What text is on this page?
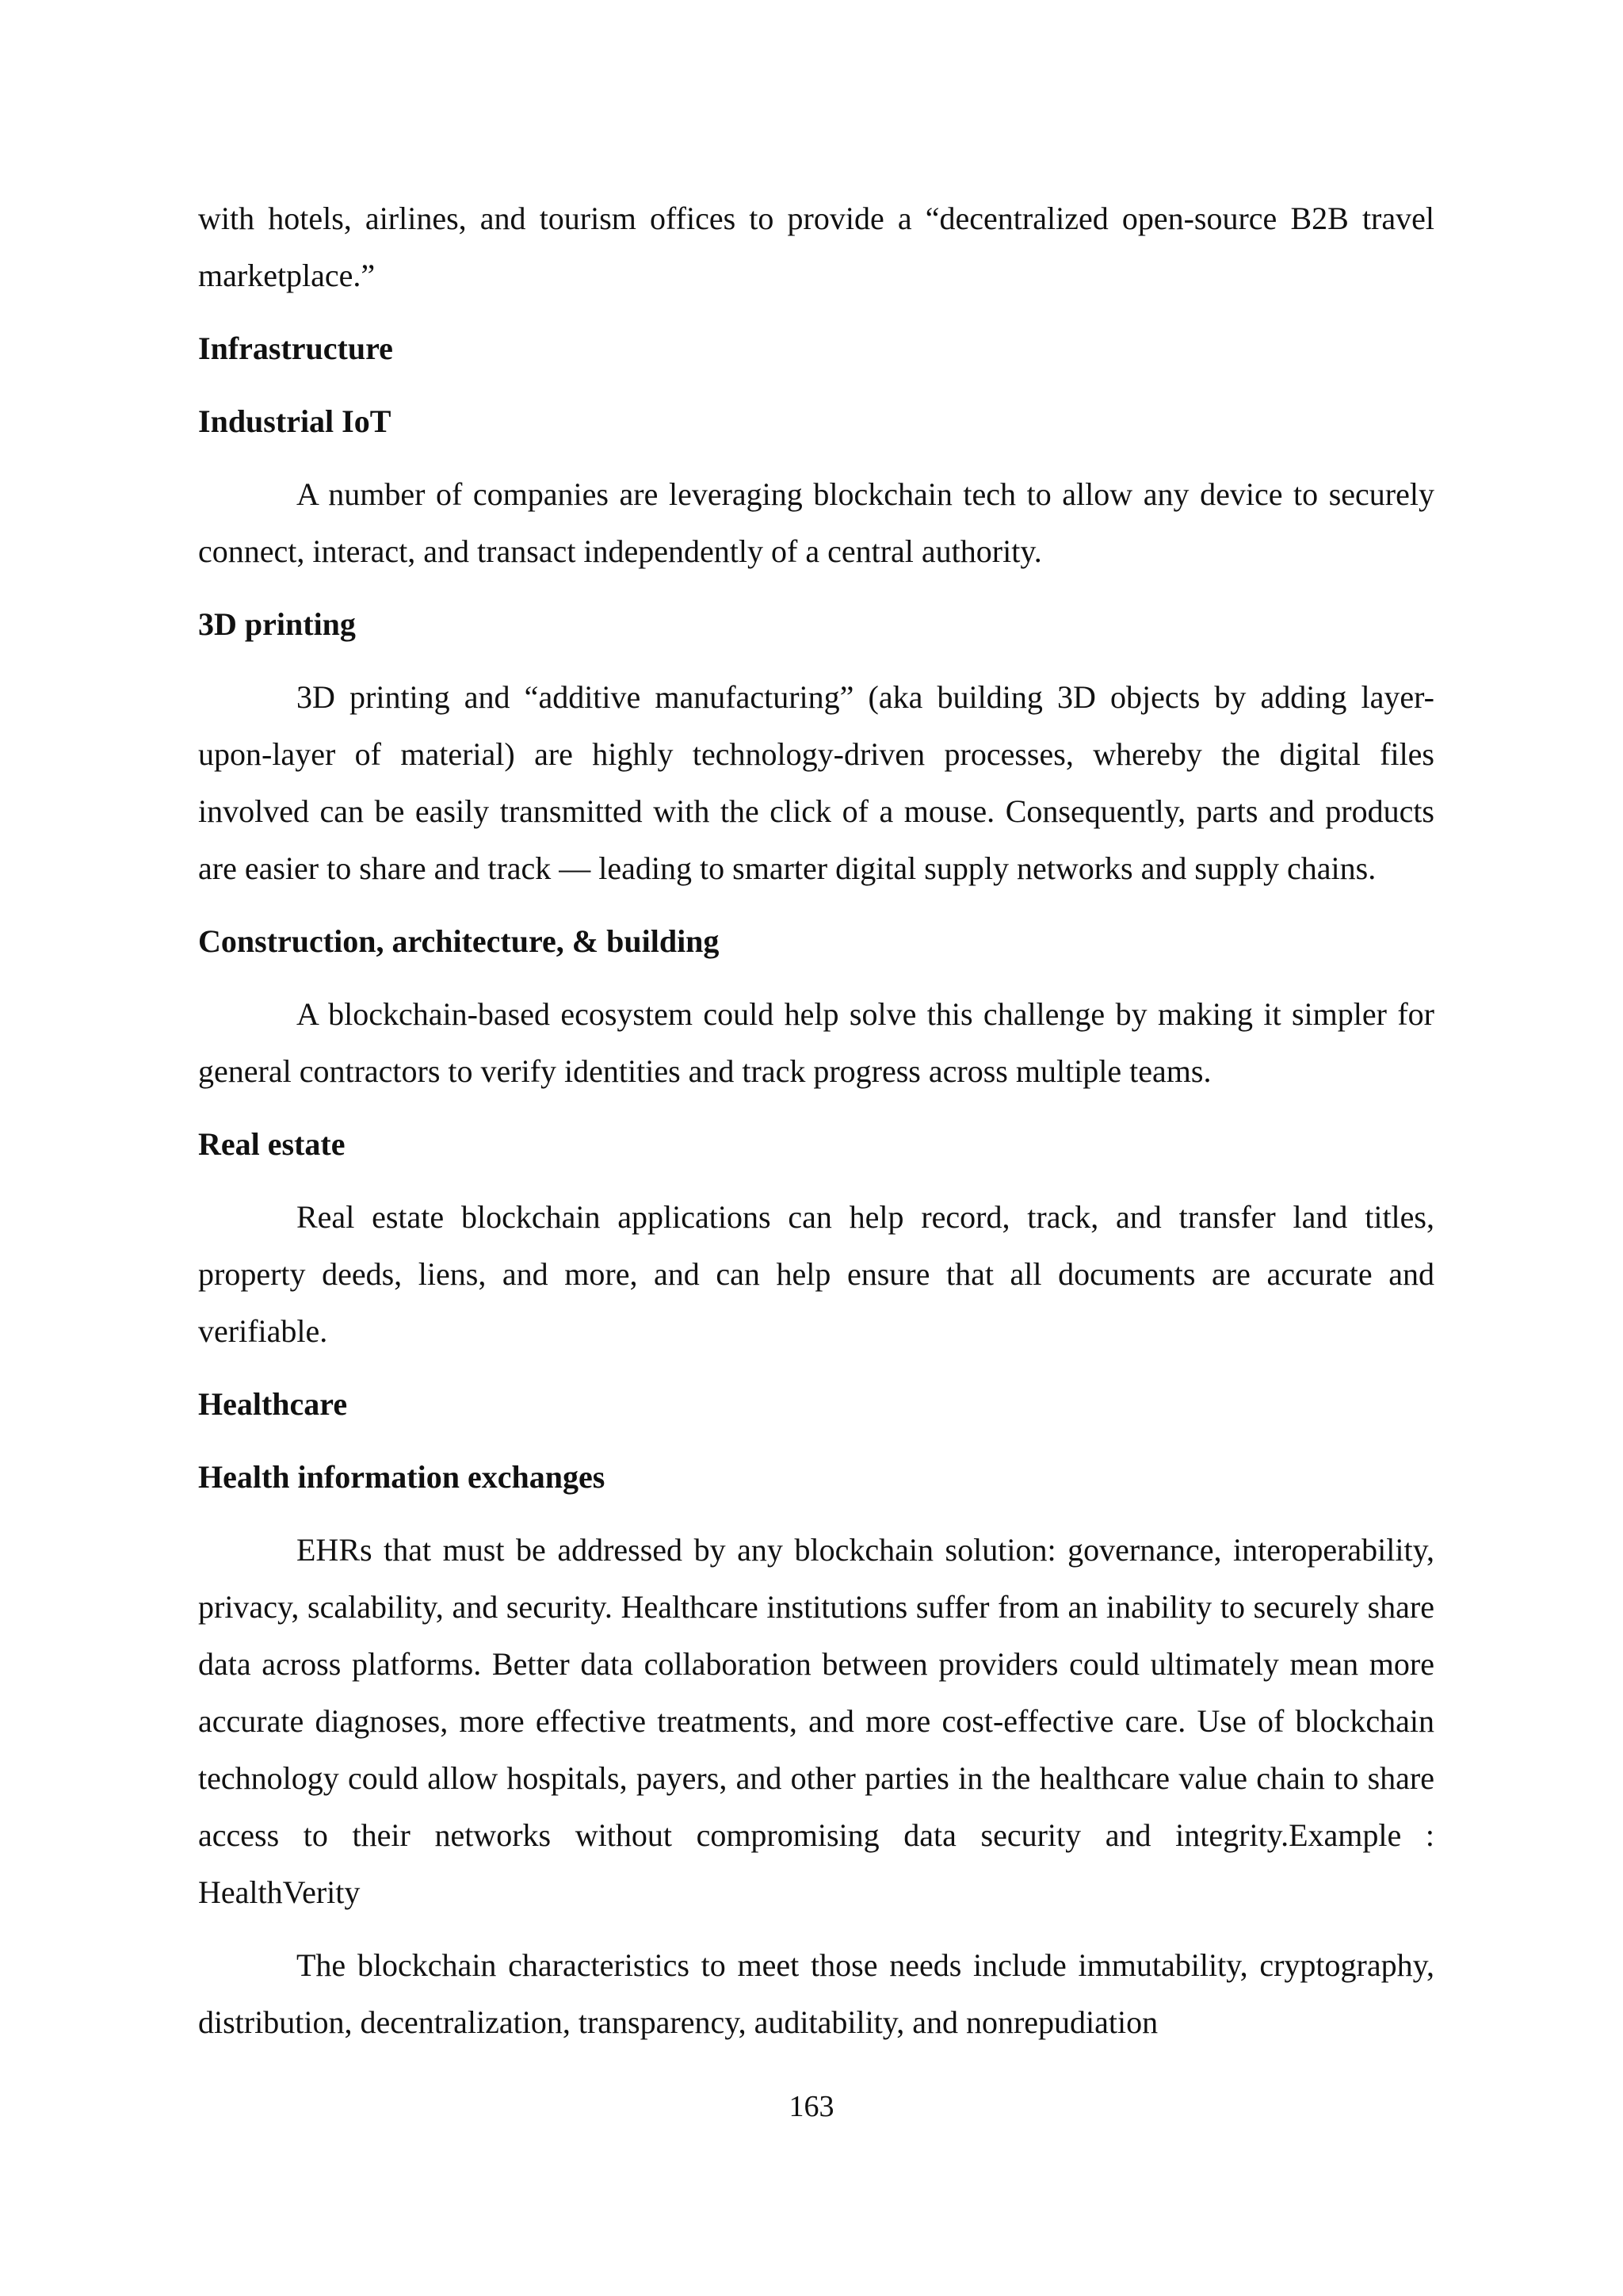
with hotels, airlines, and tourism offices to provide a “decentralized open-source B2B travel marketplace.”

Infrastructure
Industrial IoT

A number of companies are leveraging blockchain tech to allow any device to securely connect, interact, and transact independently of a central authority.

3D printing

3D printing and “additive manufacturing” (aka building 3D objects by adding layer-upon-layer of material) are highly technology-driven processes, whereby the digital files involved can be easily transmitted with the click of a mouse. Consequently, parts and products are easier to share and track — leading to smarter digital supply networks and supply chains.

Construction, architecture, & building

A blockchain-based ecosystem could help solve this challenge by making it simpler for general contractors to verify identities and track progress across multiple teams.

Real estate

Real estate blockchain applications can help record, track, and transfer land titles, property deeds, liens, and more, and can help ensure that all documents are accurate and verifiable.

Healthcare
Health information exchanges

EHRs that must be addressed by any blockchain solution: governance, interoperability, privacy, scalability, and security. Healthcare institutions suffer from an inability to securely share data across platforms. Better data collaboration between providers could ultimately mean more accurate diagnoses, more effective treatments, and more cost-effective care. Use of blockchain technology could allow hospitals, payers, and other parties in the healthcare value chain to share access to their networks without compromising data security and integrity.Example : HealthVerity

The blockchain characteristics to meet those needs include immutability, cryptography, distribution, decentralization, transparency, auditability, and nonrepudiation

163
